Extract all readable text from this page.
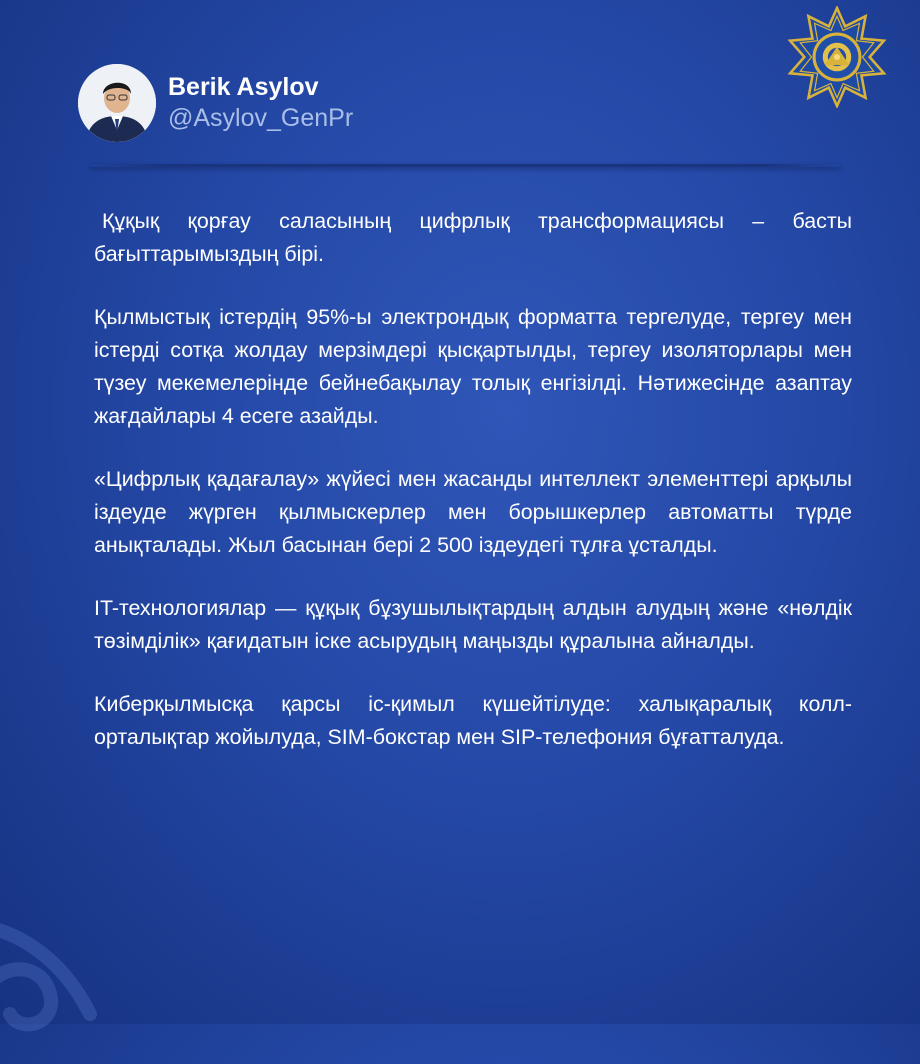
Berik Asylov
@Asylov_GenPr

Құқық қорғау саласының цифрлық трансформациясы – басты бағыттарымыздың бірі.

Қылмыстық істердің 95%-ы электрондық форматта тергелуде, тергеу мен істерді сотқа жолдау мерзімдері қысқартылды, тергеу изоляторлары мен түзеу мекемелерінде бейнебақылау толық енгізілді. Нәтижесінде азаптау жағдайлары 4 есеге азайды.

«Цифрлық қадағалау» жүйесі мен жасанды интеллект элементтері арқылы іздеуде жүрген қылмыскерлер мен борышкерлер автоматты түрде анықталады. Жыл басынан бері 2 500 іздеудегі тұлға ұсталды.

IT-технологиялар — құқық бұзушылықтардың алдын алудың және «нөлдік төзімділік» қағидатын іске асырудың маңызды құралына айналды.

Киберқылмысқа қарсы іс-қимыл күшейтілуде: халықаралық колл-орталықтар жойылуда, SIM-бокстар мен SIP-телефония бұғатталуда.
